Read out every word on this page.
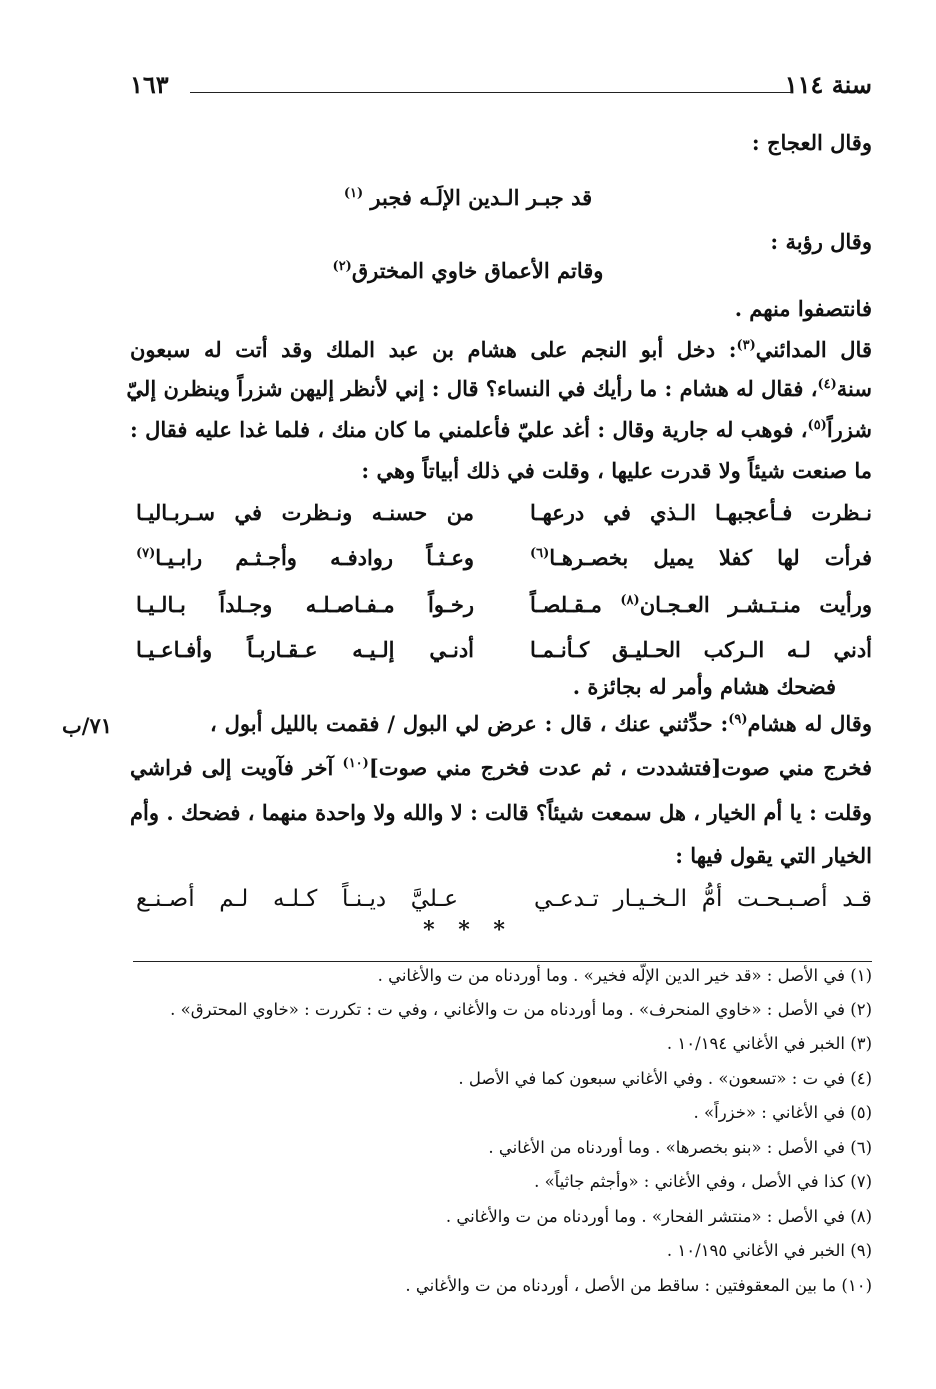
سنة ١١٤
١٦٣
وقال العجاج :
قد جبـر الـدين الإلَـه فجبر $^{(١)}$
وقال رؤبة :
وقاتم الأعماق خاوي المخترق$^{(٢)}$
فانتصفوا منهم .
قال المدائني$^{(٣)}$: دخل أبو النجم على هشام بن عبد الملك وقد أتت له سبعون
سنة$^{(٤)}$، فقال له هشام : ما رأيك في النساء؟ قال : إني لأنظر إليهن شزراً وينظرن إليّ
شزراً$^{(٥)}$، فوهب له جارية وقال : أغد عليّ فأعلمني ما كان منك ، فلما غدا عليه فقال :
ما صنعت شيئاً ولا قدرت عليها ، وقلت في ذلك أبياتاً وهي :
نـظرت فـأعجبهـا الـذي في درعهـا
من حسنـه ونـظرت في سـربـاليـا
فرأت لها كفلا يميل بخصـرهـا$^{(٦)}$
وعـثـاً روادفـه وأجـثـم رابـيـا$^{(٧)}$
ورأيت منـتـشـر العـجـان$^{(٨)}$ مـقـلصـاً
رخـواً مـفـاصـلـه وجـلداً بـالـيـا
أدني لـه الـركب الحـليـق كـأنـمـا
أدنـي إلـيـه عـقـاربـاً وأفـاعـيـا
فضحك هشام وأمر له بجائزة .
وقال له هشام$^{(٩)}$: حدِّثني عنك ، قال : عرض لي البول / فقمت بالليل أبول ،
٧١/ب
فخرج مني صوت[فتشددت ، ثم عدت فخرج مني صوت]$^{(١٠)}$ آخر فآويت إلى فراشي
وقلت : يا أم الخيار ، هل سمعت شيئاً؟ قالت : لا والله ولا واحدة منهما ، فضحك . وأم
الخيار التي يقول فيها :
قـد أصـبـحـت أمُّ الـخـيـار تـدعـي
عـليَّ ديـنـاً كـلـه لـم أصـنـع
* * *
(١) في الأصل : «قد خير الدين الإلّه فخير» . وما أوردناه من ت والأغاني .
(٢) في الأصل : «خاوي المنحرف» . وما أوردناه من ت والأغاني ، وفي ت : تكررت : «خاوي المحترق» .
(٣) الخبر في الأغاني ١٠/١٩٤ .
(٤) في ت : «تسعون» . وفي الأغاني سبعون كما في الأصل .
(٥) في الأغاني : «خزراً» .
(٦) في الأصل : «بنو بخصرها» . وما أوردناه من الأغاني .
(٧) كذا في الأصل ، وفي الأغاني : «وأجثم جاثياً» .
(٨) في الأصل : «منتشر الفحار» . وما أوردناه من ت والأغاني .
(٩) الخبر في الأغاني ١٠/١٩٥ .
(١٠) ما بين المعقوفتين : ساقط من الأصل ، أوردناه من ت والأغاني .
